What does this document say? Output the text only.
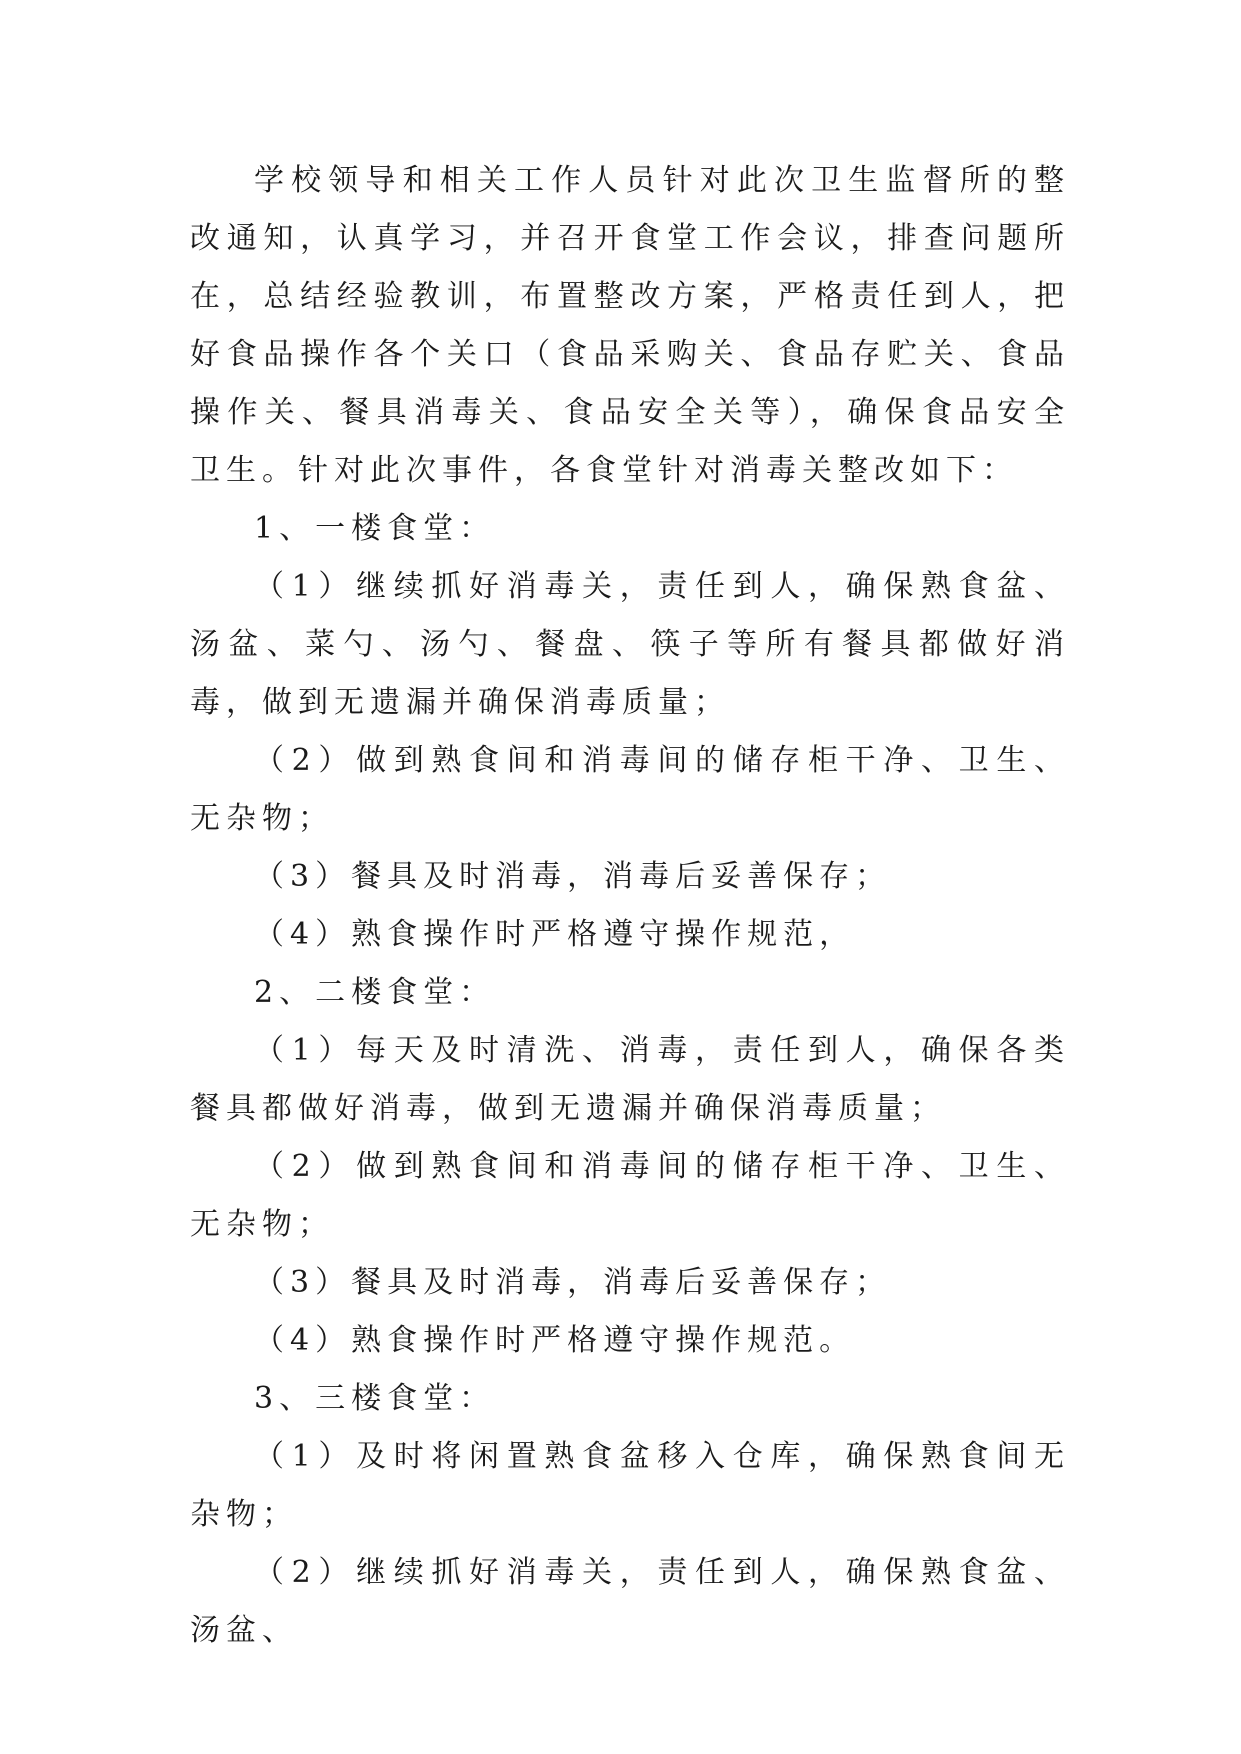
学校领导和相关工作人员针对此次卫生监督所的整改通知，认真学习，并召开食堂工作会议，排查问题所在，总结经验教训，布置整改方案，严格责任到人，把好食品操作各个关口（食品采购关、食品存贮关、食品操作关、餐具消毒关、食品安全关等），确保食品安全卫生。针对此次事件，各食堂针对消毒关整改如下：

1、一楼食堂：

（1）继续抓好消毒关，责任到人，确保熟食盆、汤盆、菜勺、汤勺、餐盘、筷子等所有餐具都做好消毒，做到无遗漏并确保消毒质量；

（2）做到熟食间和消毒间的储存柜干净、卫生、无杂物；

（3）餐具及时消毒，消毒后妥善保存；

（4）熟食操作时严格遵守操作规范，

2、二楼食堂：

（1）每天及时清洗、消毒，责任到人，确保各类餐具都做好消毒，做到无遗漏并确保消毒质量；

（2）做到熟食间和消毒间的储存柜干净、卫生、无杂物；

（3）餐具及时消毒，消毒后妥善保存；

（4）熟食操作时严格遵守操作规范。

3、三楼食堂：

（1）及时将闲置熟食盆移入仓库，确保熟食间无杂物；

（2）继续抓好消毒关，责任到人，确保熟食盆、汤盆、
